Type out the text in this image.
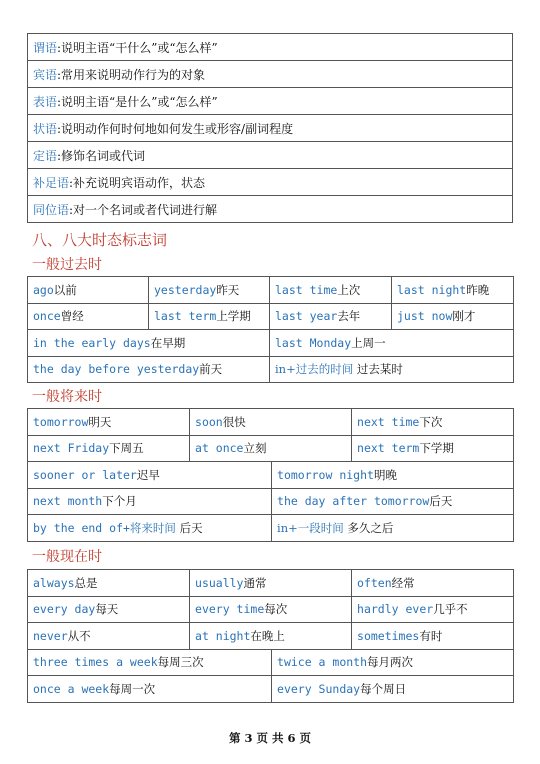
谓语:说明主语“干什么”或“怎么样”
宾语:常用来说明动作行为的对象
表语:说明主语“是什么”或“怎么样”
状语:说明动作何时何地如何发生或形容/副词程度
定语:修饰名词或代词
补足语:补充说明宾语动作，状态
同位语:对一个名词或者代词进行解
八、八大时态标志词
一般过去时
ago以前	yesterday昨天	last time上次	last night昨晚
once曾经	last term上学期	last year去年	just now刚才
in the early days在早期		last Monday上周一	
the day before yesterday前天		in+过去的时间 过去某时	
一般将来时
tomorrow明天	soon很快		next time下次
next Friday下周五	at once立刻		next term下学期
sooner or later迟早		tomorrow night明晚	
next month下个月		the day after tomorrow后天	
by the end of+将来时间 后天		in+一段时间 多久之后	
一般现在时
always总是	usually通常		often经常
every day每天	every time每次		hardly ever几乎不
never从不	at night在晚上		sometimes有时
three times a week每周三次		twice a month每月两次	
once a week每周一次		every Sunday每个周日	
第 3 页 共 6 页
